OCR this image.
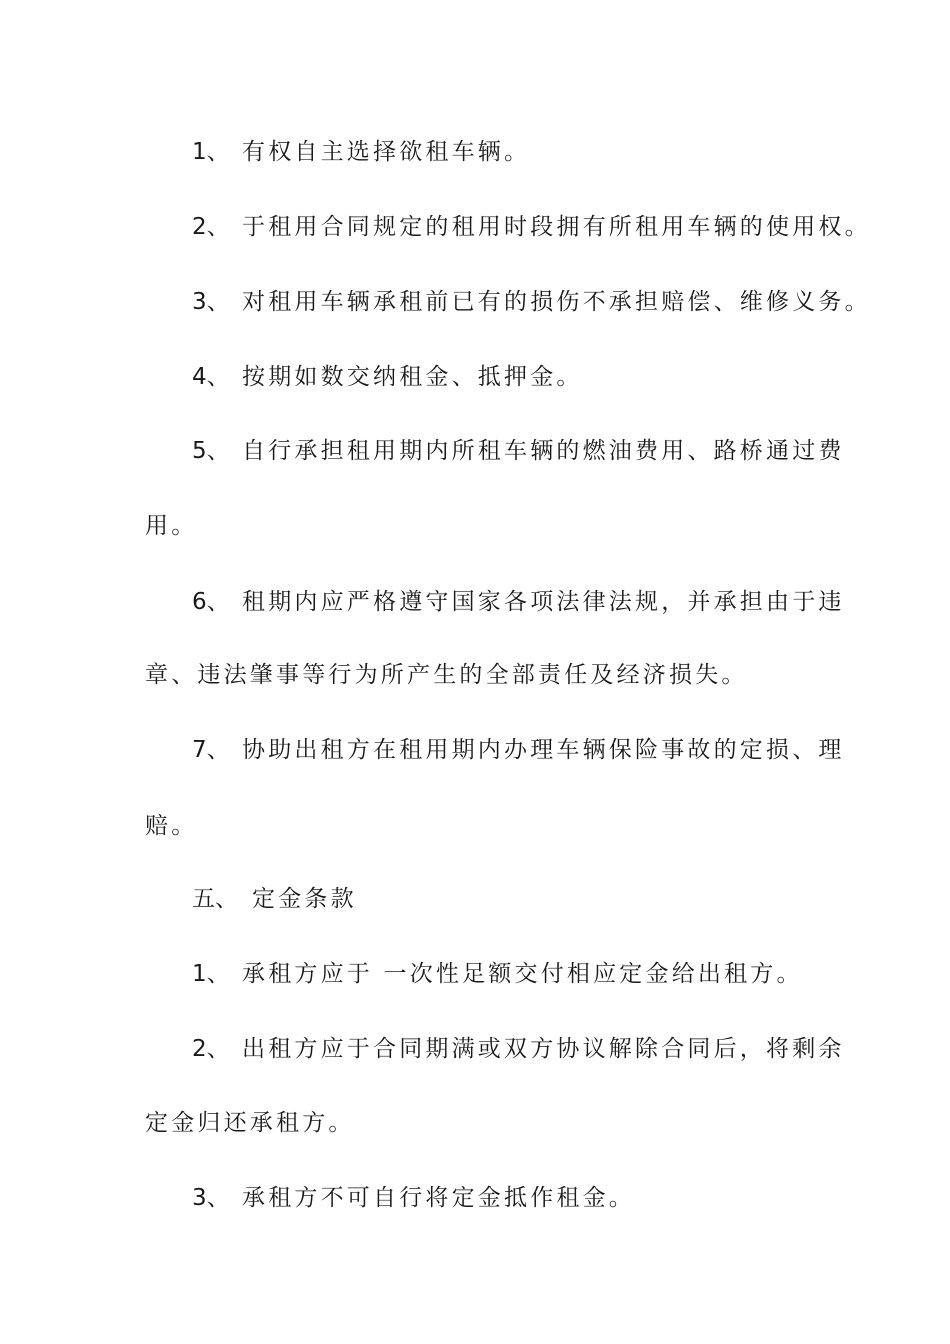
1、 有权自主选择欲租车辆。
2、 于租用合同规定的租用时段拥有所租用车辆的使用权。
3、 对租用车辆承租前已有的损伤不承担赔偿、维修义务。
4、 按期如数交纳租金、抵押金。
5、 自行承担租用期内所租车辆的燃油费用、路桥通过费
用。
6、 租期内应严格遵守国家各项法律法规，并承担由于违
章、违法肇事等行为所产生的全部责任及经济损失。
7、 协助出租方在租用期内办理车辆保险事故的定损、理
赔。
五、 定金条款
1、 承租方应于 一次性足额交付相应定金给出租方。
2、 出租方应于合同期满或双方协议解除合同后，将剩余
定金归还承租方。
3、 承租方不可自行将定金抵作租金。
